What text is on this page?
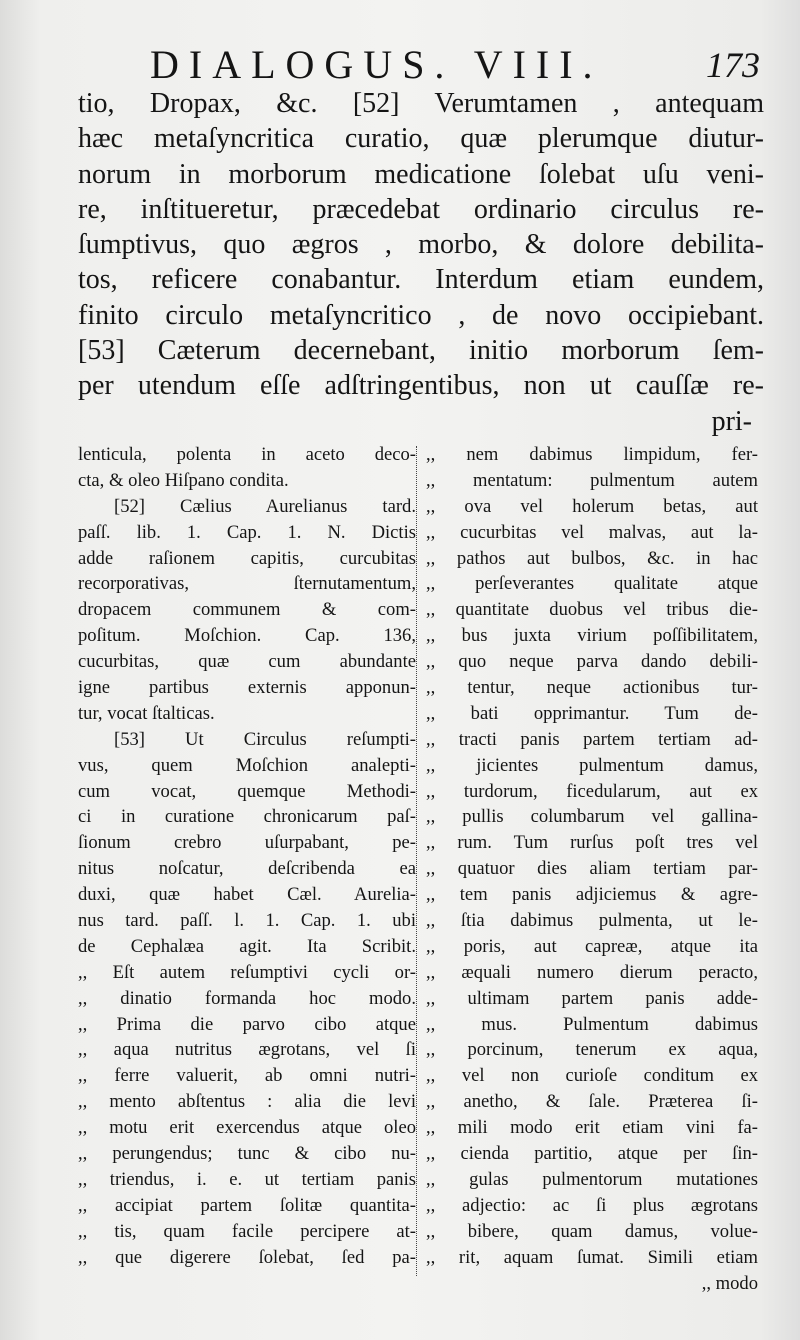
DIALOGUS. VIII.	173
tio, Dropax, &c. [52] Verumtamen , antequam
hæc metaſyncritica curatio, quæ plerumque diutur-
norum in morborum medicatione ſolebat uſu veni-
re, inſtitueretur, præcedebat ordinario circulus re-
ſumptivus, quo ægros , morbo, & dolore debilita-
tos, reficere conabantur. Interdum etiam eundem,
finito circulo metaſyncritico , de novo occipiebant.
[53] Cæterum decernebant, initio morborum ſem-
per utendum eſſe adſtringentibus, non ut cauſſæ re-
pri-
lenticula, polenta in aceto deco-
cta, & oleo Hiſpano condita.
[52] Cælius Aurelianus tard.
paſſ. lib. 1. Cap. 1. N. Dictis
adde raſionem capitis, curcubitas
recorporativas, ſternutamentum,
dropacem communem & com-
poſitum. Moſchion. Cap. 136,
cucurbitas, quæ cum abundante
igne partibus externis apponun-
tur, vocat ſtalticas.
[53] Ut Circulus reſumpti-
vus, quem Moſchion analepti-
cum vocat, quemque Methodi-
ci in curatione chronicarum paſ-
ſionum crebro uſurpabant, pe-
nitus noſcatur, deſcribenda ea
duxi, quæ habet Cæl. Aureliа-
nus tard. paſſ. l. 1. Cap. 1. ubi
de Cephalæa agit. Ita Scribit.
,, Eſt autem reſumptivi cycli or-
,, dinatio formanda hoc modo.
,, Prima die parvo cibo atque
,, aqua nutritus ægrotans, vel ſi
,, ferre valuerit, ab omni nutri-
,, mento abſtentus : alia die levi
,, motu erit exercendus atque oleo
,, perungendus; tunc & cibo nu-
,, triendus, i. e. ut tertiam panis
,, accipiat partem ſolitæ quantita-
,, tis, quam facile percipere at-
,, que digerere ſolebat, ſed pa-
,, nem dabimus limpidum, fer-
,, mentatum: pulmentum autem
,, ova vel holerum betas, aut
,, cucurbitas vel malvas, aut la-
,, pathos aut bulbos, &c. in hac
,, perſeverantes qualitate atque
,, quantitate duobus vel tribus die-
,, bus juxta virium poſſibilitatem,
,, quo neque parva dando debili-
,, tentur, neque actionibus tur-
,, bati opprimantur. Tum de-
,, tracti panis partem tertiam ad-
,, jicientes pulmentum damus,
,, turdorum, ficedularum, aut ex
,, pullis columbarum vel gallina-
,, rum. Tum rurſus poſt tres vel
,, quatuor dies aliam tertiam par-
,, tem panis adjiciemus & agre-
,, ſtia dabimus pulmenta, ut le-
,, poris, aut capreæ, atque ita
,, æquali numero dierum peracto,
,, ultimam partem panis adde-
,, mus. Pulmentum dabimus
,, porcinum, tenerum ex aqua,
,, vel non curioſe conditum ex
,, anetho, & ſale. Præterea ſi-
,, mili modo erit etiam vini fa-
,, cienda partitio, atque per ſin-
,, gulas pulmentorum mutationes
,, adjectio: ac ſi plus ægrotans
,, bibere, quam damus, volue-
,, rit, aquam ſumat. Simili etiam
,, modo
